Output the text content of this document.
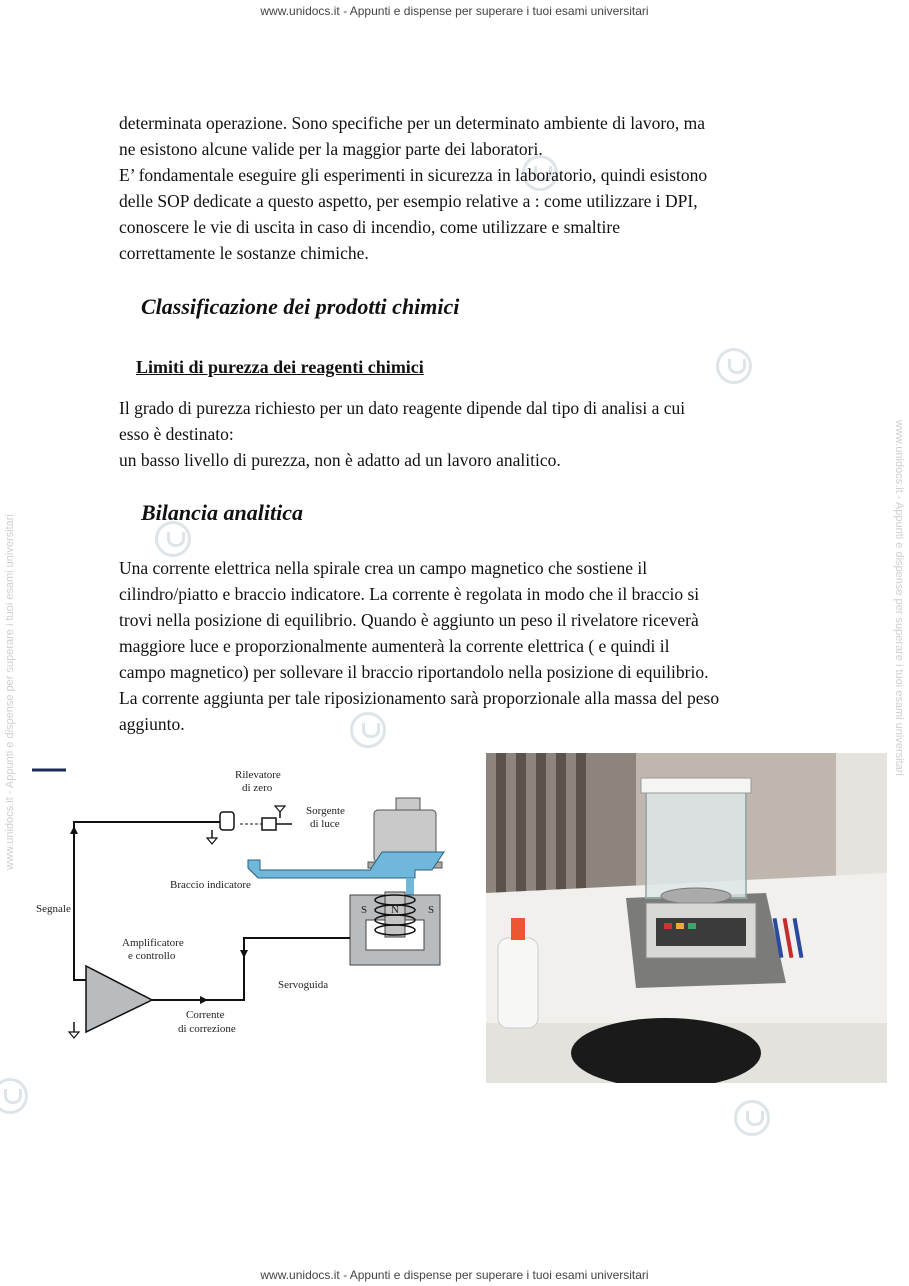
www.unidocs.it - Appunti e dispense per superare i tuoi esami universitari
www.unidocs.it - Appunti e dispense per superare i tuoi esami universitari
www.unidocs.it - Appunti e dispense per superare i tuoi esami universitari	www.unidocs.it - Appunti e dispense per superare i tuoi esami universitari
determinata operazione. Sono specifiche per un determinato ambiente di lavoro, ma
ne esistono alcune valide per la maggior parte dei laboratori.
E’ fondamentale eseguire gli esperimenti in sicurezza in laboratorio, quindi esistono
delle SOP dedicate a questo aspetto, per esempio relative a : come utilizzare i DPI,
conoscere le vie di uscita in caso di incendio, come utilizzare e smaltire
correttamente le sostanze chimiche.
Classificazione dei prodotti chimici
Limiti di purezza dei reagenti chimici
Il grado di purezza richiesto per un dato reagente dipende dal tipo di analisi a cui
esso è destinato:
un basso livello di purezza, non è adatto ad un lavoro analitico.
Bilancia analitica
Una corrente elettrica nella spirale crea un campo magnetico che sostiene il
cilindro/piatto e braccio indicatore. La corrente è regolata in modo che il braccio si
trovi nella posizione di equilibrio. Quando è aggiunto un peso il rivelatore riceverà
maggiore luce e proporzionalmente aumenterà la corrente elettrica ( e quindi il
campo magnetico) per sollevare il braccio riportandolo nella posizione di equilibrio.
La corrente aggiunta per tale riposizionamento sarà proporzionale alla massa del peso
aggiunto.
S N	S
Rilevatore
di zero
Sorgente
di luce
Braccio indicatore
Segnale
Amplificatore
e controllo
Servoguida
Corrente
di correzione
